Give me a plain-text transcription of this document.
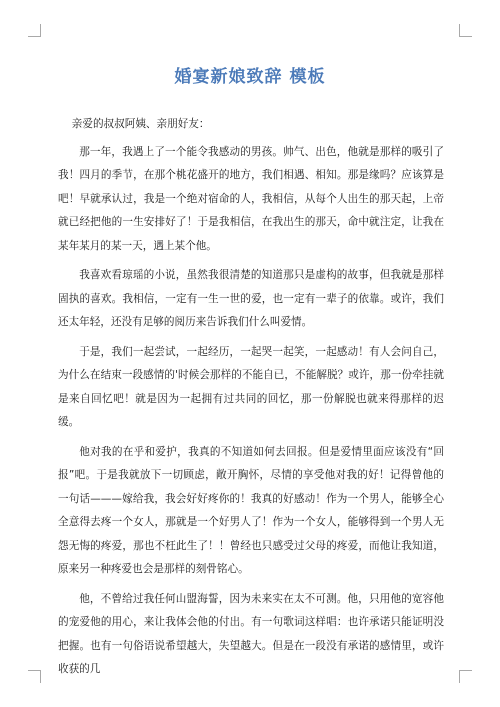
婚宴新娘致辞 模板

亲爱的叔叔阿姨、亲朋好友：

那一年，我遇上了一个能令我感动的男孩。帅气、出色，他就是那样的吸引了我！四月的季节，在那个桃花盛开的地方，我们相遇、相知。那是缘吗？应该算是吧！早就承认过，我是一个绝对宿命的人，我相信，从每个人出生的那天起，上帝就已经把他的一生安排好了！于是我相信，在我出生的那天，命中就注定，让我在某年某月的某一天，遇上某个他。

我喜欢看琼瑶的小说，虽然我很清楚的知道那只是虚构的故事，但我就是那样固执的喜欢。我相信，一定有一生一世的爱，也一定有一辈子的依靠。或许，我们还太年轻，还没有足够的阅历来告诉我们什么叫爱情。

于是，我们一起尝试，一起经历，一起哭一起笑，一起感动！有人会问自己，为什么在结束一段感情的'时候会那样的不能自已，不能解脱？或许，那一份牵挂就是来自回忆吧！就是因为一起拥有过共同的回忆，那一份解脱也就来得那样的迟缓。

他对我的在乎和爱护，我真的不知道如何去回报。但是爱情里面应该没有“回报”吧。于是我就放下一切顾虑，敞开胸怀，尽情的享受他对我的好！记得曾他的一句话———嫁给我，我会好好疼你的！我真的好感动！作为一个男人，能够全心全意得去疼一个女人，那就是一个好男人了！作为一个女人，能够得到一个男人无怨无悔的疼爱，那也不枉此生了！！曾经也只感受过父母的疼爱，而他让我知道，原来另一种疼爱也会是那样的刻骨铭心。

他，不曾给过我任何山盟海誓，因为未来实在太不可测。他，只用他的宽容他的宠爱他的用心，来让我体会他的付出。有一句歌词这样唱：也许承诺只能证明没把握。也有一句俗语说希望越大，失望越大。但是在一段没有承诺的感情里，或许收获的几
